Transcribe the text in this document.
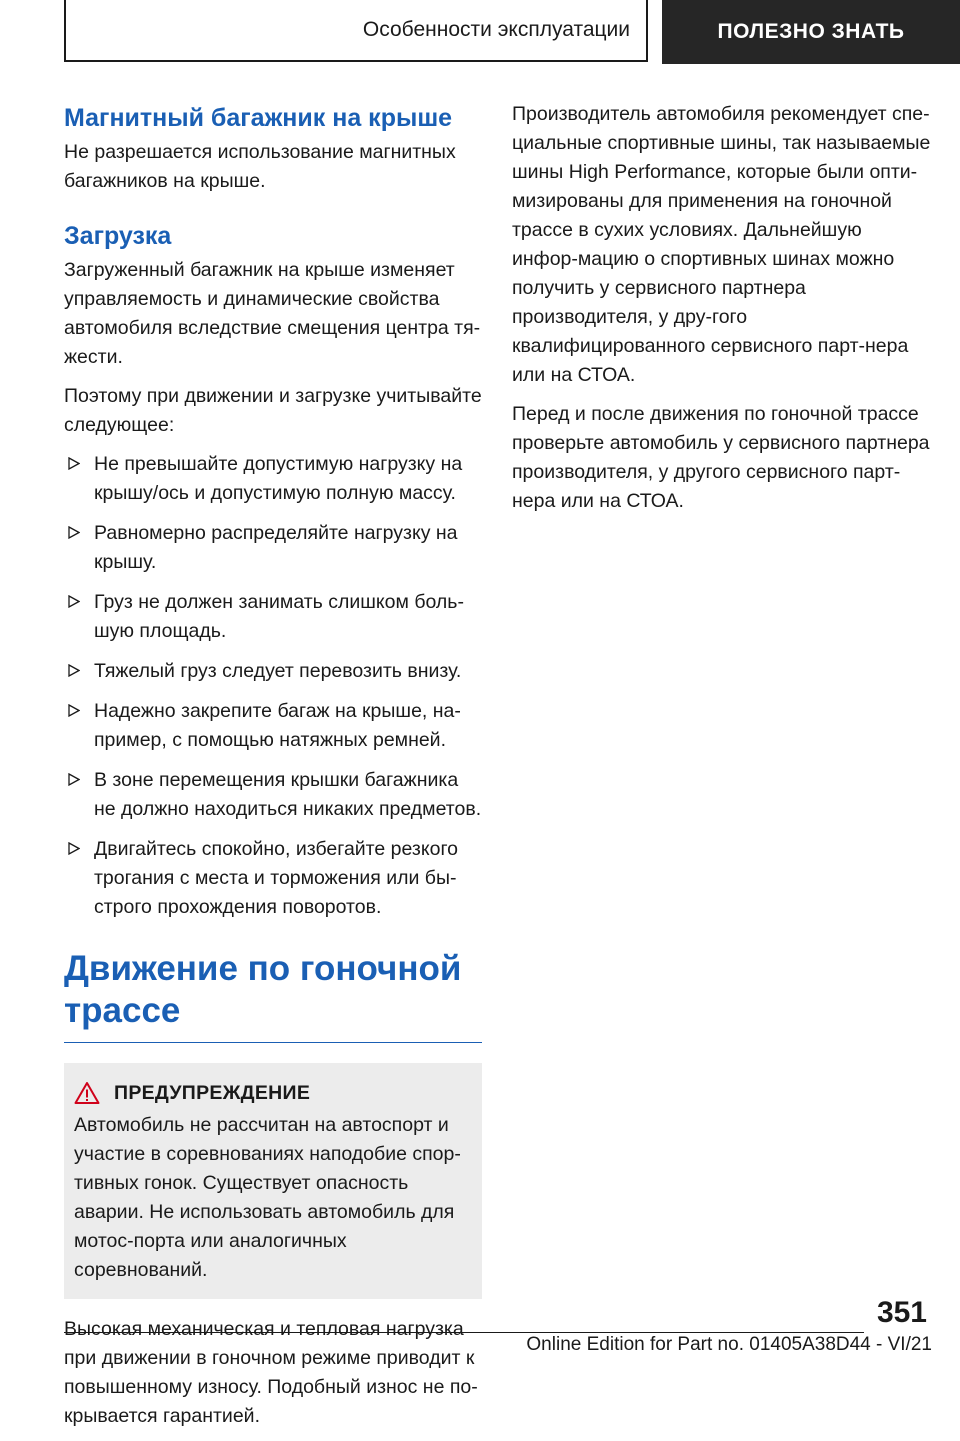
Особенности эксплуатации	ПОЛЕЗНО ЗНАТЬ
Магнитный багажник на крыше

Не разрешается использование магнитных багажников на крыше.

Загрузка

Загруженный багажник на крыше изменяет управляемость и динамические свойства автомобиля вследствие смещения центра тя-жести.

Поэтому при движении и загрузке учитывайте следующее:

Не превышайте допустимую нагрузку на крышу/ось и допустимую полную массу.
Равномерно распределяйте нагрузку на крышу.
Груз не должен занимать слишком боль-шую площадь.
Тяжелый груз следует перевозить внизу.
Надежно закрепите багаж на крыше, на-пример, с помощью натяжных ремней.
В зоне перемещения крышки багажника не должно находиться никаких предметов.
Двигайтесь спокойно, избегайте резкого трогания с места и торможения или бы-строго прохождения поворотов.
Движение по гоночной трассе
ПРЕДУПРЕЖДЕНИЕ

Автомобиль не рассчитан на автоспорт и участие в соревнованиях наподобие спор-тивных гонок. Существует опасность аварии. Не использовать автомобиль для мотос-порта или аналогичных соревнований.

Высокая механическая и тепловая нагрузка при движении в гоночном режиме приводит к повышенному износу. Подобный износ не по-крывается гарантией.

Производитель автомобиля рекомендует спе-циальные спортивные шины, так называемые шины High Performance, которые были опти-мизированы для применения на гоночной трассе в сухих условиях. Дальнейшую инфор-мацию о спортивных шинах можно получить у сервисного партнера производителя, у дру-гого квалифицированного сервисного парт-нера или на СТОА.

Перед и после движения по гоночной трассе проверьте автомобиль у сервисного партнера производителя, у другого сервисного парт-нера или на СТОА.

351
Online Edition for Part no. 01405A38D44 - VI/21
